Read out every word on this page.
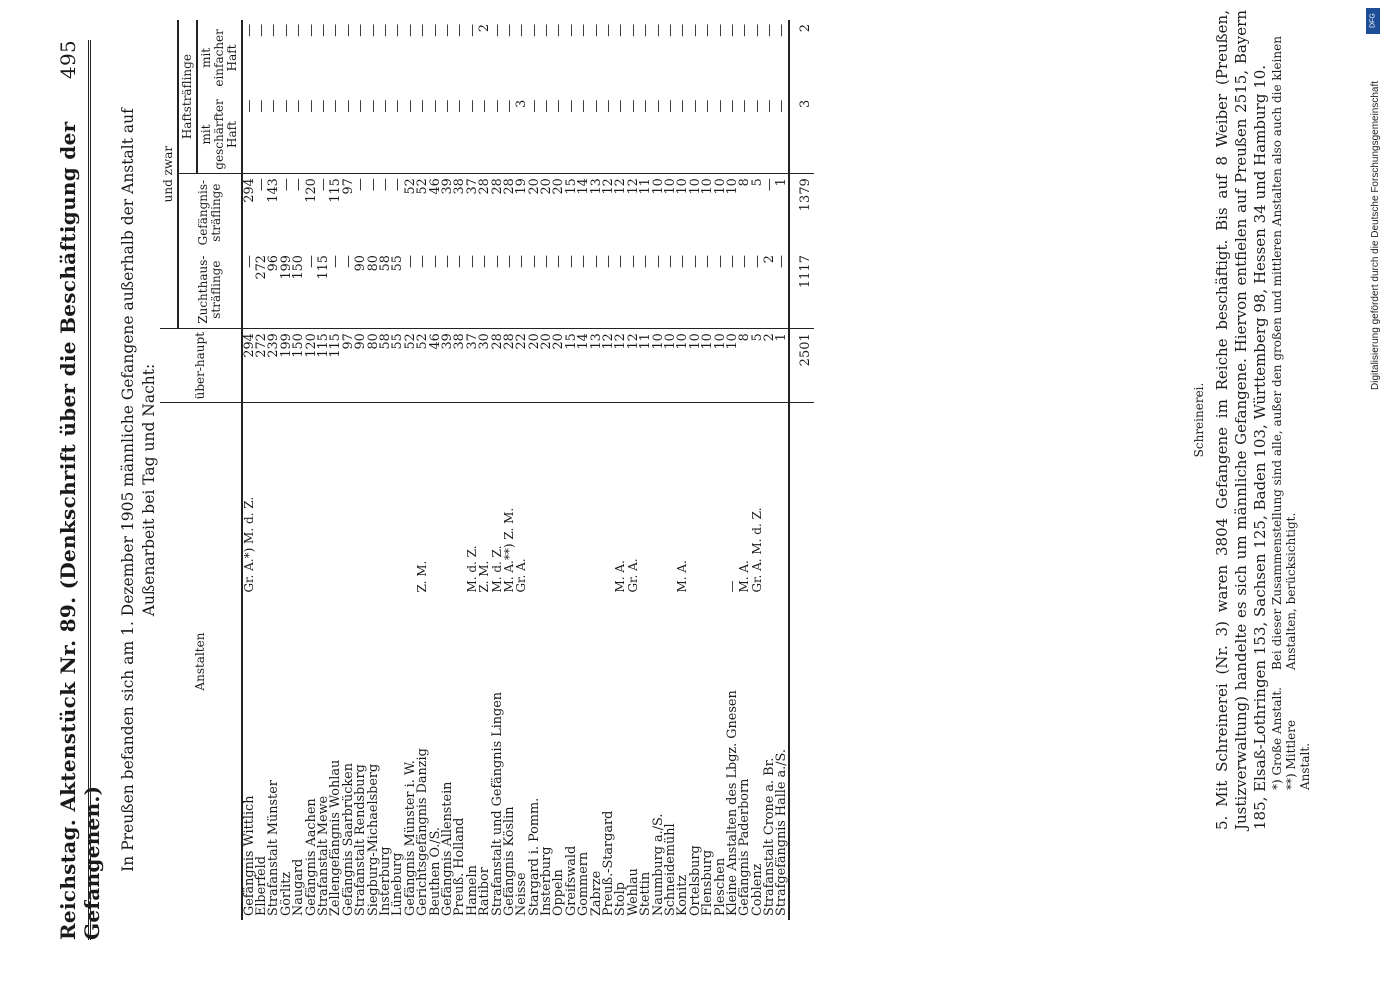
Reichstag. Aktenstück Nr. 89. (Denkschrift über die Beschäftigung der Gefangenen.)
495
In Preußen befanden sich am 1. Dezember 1905 männliche Gefangene außerhalb der Anstalt auf Außenarbeit bei Tag und Nacht:
Anstalten		über-haupt	und zwar			
			Zuchthaus-sträflinge	Gefängnis-sträflinge	Haftsträflinge	
					mit geschärfter Haft	mit einfacher Haft
Gefängnis Wittlich	Gr. A.*) M. d. Z.	294	—	294	—	—
Elberfeld		272	272	—	—	—
Strafanstalt Münster		239	96	143	—	—
Görlitz		199	199	—	—	—
Naugard		150	150	—	—	—
Gefängnis Aachen		120	—	120	—	—
Strafanstalt Mewe		115	115	—	—	—
Zellengefängnis Wohlau		115	—	115	—	—
Gefängnis Saarbrücken		97	—	97	—	—
Strafanstalt Rendsburg		90	90	—	—	—
Siegburg-Michaelsberg		80	80	—	—	—
Insterburg		58	58	—	—	—
Lüneburg		55	55	—	—	—
Gefängnis Münster i. W.		52	—	52	—	—
Gerichtsgefängnis Danzig	Z. M.	52	—	52	—	—
Beuthen O./S.		46	—	46	—	—
Gefängnis Allenstein		39	—	39	—	—
Preuß. Holland		38	—	38	—	—
Hameln	M. d. Z.	37	—	37	—	—
Ratibor	Z. M.	30	—	28	—	2
Strafanstalt und Gefängnis Lingen	M. d. Z.	28	—	28	—	—
Gefängnis Köslin	M. A.**) Z. M.	28	—	28	—	—
Neisse	Gr. A.	22	—	19	3	—
Stargard i. Pomm.		20	—	20	—	—
Insterburg		20	—	20	—	—
Oppeln		20	—	20	—	—
Greifswald		15	—	15	—	—
Gommern		14	—	14	—	—
Zabrze		13	—	13	—	—
Preuß.-Stargard		12	—	12	—	—
Stolp	M. A.	12	—	12	—	—
Wehlau	Gr. A.	12	—	12	—	—
Stettin		11	—	11	—	—
Naumburg a./S.		10	—	10	—	—
Schneidemühl		10	—	10	—	—
Konitz	M. A.	10	—	10	—	—
Ortelsburg		10	—	10	—	—
Flensburg		10	—	10	—	—
Pleschen		10	—	10	—	—
Kleine Anstalten des Lbgz. Gnesen	—	10	—	10	—	—
Gefängnis Paderborn	M. A.	8	—	8	—	—
Coblenz	Gr. A. M. d. Z.	5	—	5	—	—
Strafanstalt Crone a. Br.		2	2	—	—	—
Strafgefängnis Halle a./S.		1	—	1	—	—
		2501	1117	1379	3	2
Schreinerei. 5. Mit Schreinerei (Nr. 3) waren 3804 Gefangene im Reiche beschäftigt. Bis auf 8 Weiber (Preußen, Justizverwaltung) handelte es sich um männliche Gefangene. Hiervon entfielen auf Preußen 2515, Bayern 185, Elsaß-Lothringen 153, Sachsen 125, Baden 103, Württemberg 98, Hessen 34 und Hamburg 10. *) Große Anstalt.
**) Mittlere Anstalt.
Bei dieser Zusammenstellung sind alle, außer den großen und mittleren Anstalten also auch die kleinen Anstalten, berücksichtigt.
DFG
Digitalisierung gefördert durch die Deutsche Forschungsgemeinschaft
